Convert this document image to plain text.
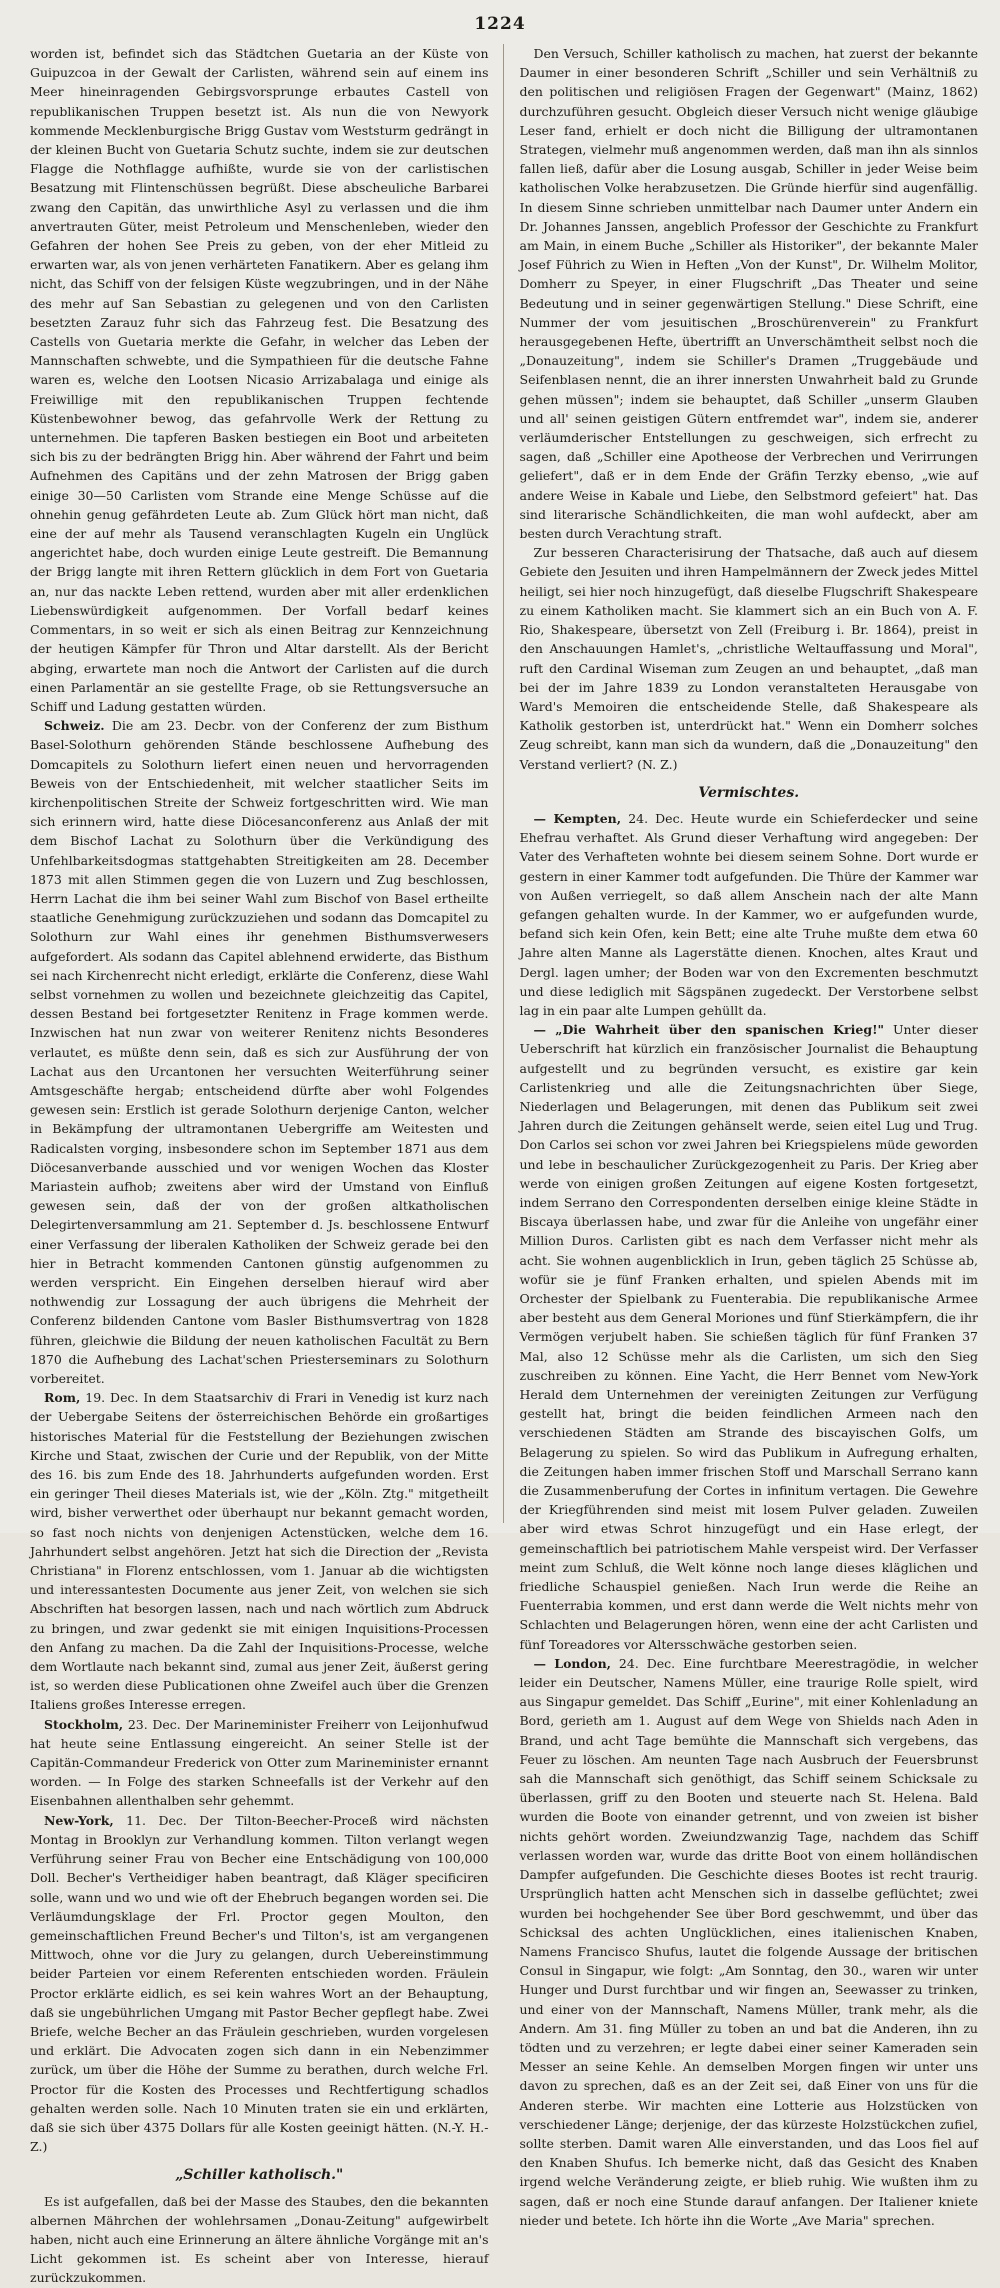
1224

worden ist, befindet sich das Städtchen Guetaria an der Küste von Guipuzcoa in der Gewalt der Carlisten, während sein auf einem ins Meer hineinragenden Gebirgsvorsprunge erbautes Castell von republikanischen Truppen besetzt ist. Als nun die von Newyork kommende Mecklenburgische Brigg Gustav vom Weststurm gedrängt in der kleinen Bucht von Guetaria Schutz suchte, indem sie zur deutschen Flagge die Nothflagge aufhißte, wurde sie von der carlistischen Besatzung mit Flintenschüssen begrüßt. Diese abscheuliche Barbarei zwang den Capitän, das unwirthliche Asyl zu verlassen und die ihm anvertrauten Güter, meist Petroleum und Menschenleben, wieder den Gefahren der hohen See Preis zu geben, von der eher Mitleid zu erwarten war, als von jenen verhärteten Fanatikern. Aber es gelang ihm nicht, das Schiff von der felsigen Küste wegzubringen, und in der Nähe des mehr auf San Sebastian zu gelegenen und von den Carlisten besetzten Zarauz fuhr sich das Fahrzeug fest. Die Besatzung des Castells von Guetaria merkte die Gefahr, in welcher das Leben der Mannschaften schwebte, und die Sympathieen für die deutsche Fahne waren es, welche den Lootsen Nicasio Arrizabalaga und einige als Freiwillige mit den republikanischen Truppen fechtende Küstenbewohner bewog, das gefahrvolle Werk der Rettung zu unternehmen. Die tapferen Basken bestiegen ein Boot und arbeiteten sich bis zu der bedrängten Brigg hin. Aber während der Fahrt und beim Aufnehmen des Capitäns und der zehn Matrosen der Brigg gaben einige 30—50 Carlisten vom Strande eine Menge Schüsse auf die ohnehin genug gefährdeten Leute ab. Zum Glück hört man nicht, daß eine der auf mehr als Tausend veranschlagten Kugeln ein Unglück angerichtet habe, doch wurden einige Leute gestreift. Die Bemannung der Brigg langte mit ihren Rettern glücklich in dem Fort von Guetaria an, nur das nackte Leben rettend, wurden aber mit aller erdenklichen Liebenswürdigkeit aufgenommen. Der Vorfall bedarf keines Commentars, in so weit er sich als einen Beitrag zur Kennzeichnung der heutigen Kämpfer für Thron und Altar darstellt. Als der Bericht abging, erwartete man noch die Antwort der Carlisten auf die durch einen Parlamentär an sie gestellte Frage, ob sie Rettungsversuche an Schiff und Ladung gestatten würden.

Schweiz. Die am 23. Decbr. von der Conferenz der zum Bisthum Basel-Solothurn gehörenden Stände beschlossene Aufhebung des Domcapitels zu Solothurn liefert einen neuen und hervorragenden Beweis von der Entschiedenheit, mit welcher staatlicher Seits im kirchenpolitischen Streite der Schweiz fortgeschritten wird. Wie man sich erinnern wird, hatte diese Diöcesanconferenz aus Anlaß der mit dem Bischof Lachat zu Solothurn über die Verkündigung des Unfehlbarkeitsdogmas stattgehabten Streitigkeiten am 28. December 1873 mit allen Stimmen gegen die von Luzern und Zug beschlossen, Herrn Lachat die ihm bei seiner Wahl zum Bischof von Basel ertheilte staatliche Genehmigung zurückzuziehen und sodann das Domcapitel zu Solothurn zur Wahl eines ihr genehmen Bisthumsverwesers aufgefordert. Als sodann das Capitel ablehnend erwiderte, das Bisthum sei nach Kirchenrecht nicht erledigt, erklärte die Conferenz, diese Wahl selbst vornehmen zu wollen und bezeichnete gleichzeitig das Capitel, dessen Bestand bei fortgesetzter Renitenz in Frage kommen werde. Inzwischen hat nun zwar von weiterer Renitenz nichts Besonderes verlautet, es müßte denn sein, daß es sich zur Ausführung der von Lachat aus den Urcantonen her versuchten Weiterführung seiner Amtsgeschäfte hergab; entscheidend dürfte aber wohl Folgendes gewesen sein: Erstlich ist gerade Solothurn derjenige Canton, welcher in Bekämpfung der ultramontanen Uebergriffe am Weitesten und Radicalsten vorging, insbesondere schon im September 1871 aus dem Diöcesanverbande ausschied und vor wenigen Wochen das Kloster Mariastein aufhob; zweitens aber wird der Umstand von Einfluß gewesen sein, daß der von der großen altkatholischen Delegirtenversammlung am 21. September d. Js. beschlossene Entwurf einer Verfassung der liberalen Katholiken der Schweiz gerade bei den hier in Betracht kommenden Cantonen günstig aufgenommen zu werden verspricht. Ein Eingehen derselben hierauf wird aber nothwendig zur Lossagung der auch übrigens die Mehrheit der Conferenz bildenden Cantone vom Basler Bisthumsvertrag von 1828 führen, gleichwie die Bildung der neuen katholischen Facultät zu Bern 1870 die Aufhebung des Lachat'schen Priesterseminars zu Solothurn vorbereitet.

Rom, 19. Dec. In dem Staatsarchiv di Frari in Venedig ist kurz nach der Uebergabe Seitens der österreichischen Behörde ein großartiges historisches Material für die Feststellung der Beziehungen zwischen Kirche und Staat, zwischen der Curie und der Republik, von der Mitte des 16. bis zum Ende des 18. Jahrhunderts aufgefunden worden. Erst ein geringer Theil dieses Materials ist, wie der „Köln. Ztg." mitgetheilt wird, bisher verwerthet oder überhaupt nur bekannt gemacht worden, so fast noch nichts von denjenigen Actenstücken, welche dem 16. Jahrhundert selbst angehören. Jetzt hat sich die Direction der „Revista Christiana" in Florenz entschlossen, vom 1. Januar ab die wichtigsten und interessantesten Documente aus jener Zeit, von welchen sie sich Abschriften hat besorgen lassen, nach und nach wörtlich zum Abdruck zu bringen, und zwar gedenkt sie mit einigen Inquisitions-Processen den Anfang zu machen. Da die Zahl der Inquisitions-Processe, welche dem Wortlaute nach bekannt sind, zumal aus jener Zeit, äußerst gering ist, so werden diese Publicationen ohne Zweifel auch über die Grenzen Italiens großes Interesse erregen.

Stockholm, 23. Dec. Der Marineminister Freiherr von Leijonhufwud hat heute seine Entlassung eingereicht. An seiner Stelle ist der Capitän-Commandeur Frederick von Otter zum Marineminister ernannt worden. — In Folge des starken Schneefalls ist der Verkehr auf den Eisenbahnen allenthalben sehr gehemmt.

New-York, 11. Dec. Der Tilton-Beecher-Proceß wird nächsten Montag in Brooklyn zur Verhandlung kommen. Tilton verlangt wegen Verführung seiner Frau von Becher eine Entschädigung von 100,000 Doll. Becher's Vertheidiger haben beantragt, daß Kläger specificiren solle, wann und wo und wie oft der Ehebruch begangen worden sei. Die Verläumdungsklage der Frl. Proctor gegen Moulton, den gemeinschaftlichen Freund Becher's und Tilton's, ist am vergangenen Mittwoch, ohne vor die Jury zu gelangen, durch Uebereinstimmung beider Parteien vor einem Referenten entschieden worden. Fräulein Proctor erklärte eidlich, es sei kein wahres Wort an der Behauptung, daß sie ungebührlichen Umgang mit Pastor Becher gepflegt habe. Zwei Briefe, welche Becher an das Fräulein geschrieben, wurden vorgelesen und erklärt. Die Advocaten zogen sich dann in ein Nebenzimmer zurück, um über die Höhe der Summe zu berathen, durch welche Frl. Proctor für die Kosten des Processes und Rechtfertigung schadlos gehalten werden solle. Nach 10 Minuten traten sie ein und erklärten, daß sie sich über 4375 Dollars für alle Kosten geeinigt hätten. (N.-Y. H.-Z.)

„Schiller katholisch."

Es ist aufgefallen, daß bei der Masse des Staubes, den die bekannten albernen Mährchen der wohlehrsamen „Donau-Zeitung" aufgewirbelt haben, nicht auch eine Erinnerung an ältere ähnliche Vorgänge mit an's Licht gekommen ist. Es scheint aber von Interesse, hierauf zurückzukommen.

Den Versuch, Schiller katholisch zu machen, hat zuerst der bekannte Daumer in einer besonderen Schrift „Schiller und sein Verhältniß zu den politischen und religiösen Fragen der Gegenwart" (Mainz, 1862) durchzuführen gesucht. Obgleich dieser Versuch nicht wenige gläubige Leser fand, erhielt er doch nicht die Billigung der ultramontanen Strategen, vielmehr muß angenommen werden, daß man ihn als sinnlos fallen ließ, dafür aber die Losung ausgab, Schiller in jeder Weise beim katholischen Volke herabzusetzen. Die Gründe hierfür sind augenfällig. In diesem Sinne schrieben unmittelbar nach Daumer unter Andern ein Dr. Johannes Janssen, angeblich Professor der Geschichte zu Frankfurt am Main, in einem Buche „Schiller als Historiker", der bekannte Maler Josef Führich zu Wien in Heften „Von der Kunst", Dr. Wilhelm Molitor, Domherr zu Speyer, in einer Flugschrift „Das Theater und seine Bedeutung und in seiner gegenwärtigen Stellung." Diese Schrift, eine Nummer der vom jesuitischen „Broschürenverein" zu Frankfurt herausgegebenen Hefte, übertrifft an Unverschämtheit selbst noch die „Donauzeitung", indem sie Schiller's Dramen „Truggebäude und Seifenblasen nennt, die an ihrer innersten Unwahrheit bald zu Grunde gehen müssen"; indem sie behauptet, daß Schiller „unserm Glauben und all' seinen geistigen Gütern entfremdet war", indem sie, anderer verläumderischer Entstellungen zu geschweigen, sich erfrecht zu sagen, daß „Schiller eine Apotheose der Verbrechen und Verirrungen geliefert", daß er in dem Ende der Gräfin Terzky ebenso, „wie auf andere Weise in Kabale und Liebe, den Selbstmord gefeiert" hat. Das sind literarische Schändlichkeiten, die man wohl aufdeckt, aber am besten durch Verachtung straft.

Zur besseren Characterisirung der Thatsache, daß auch auf diesem Gebiete den Jesuiten und ihren Hampelmännern der Zweck jedes Mittel heiligt, sei hier noch hinzugefügt, daß dieselbe Flugschrift Shakespeare zu einem Katholiken macht. Sie klammert sich an ein Buch von A. F. Rio, Shakespeare, übersetzt von Zell (Freiburg i. Br. 1864), preist in den Anschauungen Hamlet's, „christliche Weltauffassung und Moral", ruft den Cardinal Wiseman zum Zeugen an und behauptet, „daß man bei der im Jahre 1839 zu London veranstalteten Herausgabe von Ward's Memoiren die entscheidende Stelle, daß Shakespeare als Katholik gestorben ist, unterdrückt hat." Wenn ein Domherr solches Zeug schreibt, kann man sich da wundern, daß die „Donauzeitung" den Verstand verliert? (N. Z.)

Vermischtes.

— Kempten, 24. Dec. Heute wurde ein Schieferdecker und seine Ehefrau verhaftet. Als Grund dieser Verhaftung wird angegeben: Der Vater des Verhafteten wohnte bei diesem seinem Sohne. Dort wurde er gestern in einer Kammer todt aufgefunden. Die Thüre der Kammer war von Außen verriegelt, so daß allem Anschein nach der alte Mann gefangen gehalten wurde. In der Kammer, wo er aufgefunden wurde, befand sich kein Ofen, kein Bett; eine alte Truhe mußte dem etwa 60 Jahre alten Manne als Lagerstätte dienen. Knochen, altes Kraut und Dergl. lagen umher; der Boden war von den Excrementen beschmutzt und diese lediglich mit Sägspänen zugedeckt. Der Verstorbene selbst lag in ein paar alte Lumpen gehüllt da.

— „Die Wahrheit über den spanischen Krieg!" Unter dieser Ueberschrift hat kürzlich ein französischer Journalist die Behauptung aufgestellt und zu begründen versucht, es existire gar kein Carlistenkrieg und alle die Zeitungsnachrichten über Siege, Niederlagen und Belagerungen, mit denen das Publikum seit zwei Jahren durch die Zeitungen gehänselt werde, seien eitel Lug und Trug. Don Carlos sei schon vor zwei Jahren bei Kriegspielens müde geworden und lebe in beschaulicher Zurückgezogenheit zu Paris. Der Krieg aber werde von einigen großen Zeitungen auf eigene Kosten fortgesetzt, indem Serrano den Correspondenten derselben einige kleine Städte in Biscaya überlassen habe, und zwar für die Anleihe von ungefähr einer Million Duros. Carlisten gibt es nach dem Verfasser nicht mehr als acht. Sie wohnen augenblicklich in Irun, geben täglich 25 Schüsse ab, wofür sie je fünf Franken erhalten, und spielen Abends mit im Orchester der Spielbank zu Fuenterabia. Die republikanische Armee aber besteht aus dem General Moriones und fünf Stierkämpfern, die ihr Vermögen verjubelt haben. Sie schießen täglich für fünf Franken 37 Mal, also 12 Schüsse mehr als die Carlisten, um sich den Sieg zuschreiben zu können. Eine Yacht, die Herr Bennet vom New-York Herald dem Unternehmen der vereinigten Zeitungen zur Verfügung gestellt hat, bringt die beiden feindlichen Armeen nach den verschiedenen Städten am Strande des biscayischen Golfs, um Belagerung zu spielen. So wird das Publikum in Aufregung erhalten, die Zeitungen haben immer frischen Stoff und Marschall Serrano kann die Zusammenberufung der Cortes in infinitum vertagen. Die Gewehre der Kriegführenden sind meist mit losem Pulver geladen. Zuweilen aber wird etwas Schrot hinzugefügt und ein Hase erlegt, der gemeinschaftlich bei patriotischem Mahle verspeist wird. Der Verfasser meint zum Schluß, die Welt könne noch lange dieses kläglichen und friedliche Schauspiel genießen. Nach Irun werde die Reihe an Fuenterrabia kommen, und erst dann werde die Welt nichts mehr von Schlachten und Belagerungen hören, wenn eine der acht Carlisten und fünf Toreadores vor Altersschwäche gestorben seien.

— London, 24. Dec. Eine furchtbare Meerestragödie, in welcher leider ein Deutscher, Namens Müller, eine traurige Rolle spielt, wird aus Singapur gemeldet. Das Schiff „Eurine", mit einer Kohlenladung an Bord, gerieth am 1. August auf dem Wege von Shields nach Aden in Brand, und acht Tage bemühte die Mannschaft sich vergebens, das Feuer zu löschen. Am neunten Tage nach Ausbruch der Feuersbrunst sah die Mannschaft sich genöthigt, das Schiff seinem Schicksale zu überlassen, griff zu den Booten und steuerte nach St. Helena. Bald wurden die Boote von einander getrennt, und von zweien ist bisher nichts gehört worden. Zweiundzwanzig Tage, nachdem das Schiff verlassen worden war, wurde das dritte Boot von einem holländischen Dampfer aufgefunden. Die Geschichte dieses Bootes ist recht traurig. Ursprünglich hatten acht Menschen sich in dasselbe geflüchtet; zwei wurden bei hochgehender See über Bord geschwemmt, und über das Schicksal des achten Unglücklichen, eines italienischen Knaben, Namens Francisco Shufus, lautet die folgende Aussage der britischen Consul in Singapur, wie folgt: „Am Sonntag, den 30., waren wir unter Hunger und Durst furchtbar und wir fingen an, Seewasser zu trinken, und einer von der Mannschaft, Namens Müller, trank mehr, als die Andern. Am 31. fing Müller zu toben an und bat die Anderen, ihn zu tödten und zu verzehren; er legte dabei einer seiner Kameraden sein Messer an seine Kehle. An demselben Morgen fingen wir unter uns davon zu sprechen, daß es an der Zeit sei, daß Einer von uns für die Anderen sterbe. Wir machten eine Lotterie aus Holzstücken von verschiedener Länge; derjenige, der das kürzeste Holzstückchen zufiel, sollte sterben. Damit waren Alle einverstanden, und das Loos fiel auf den Knaben Shufus. Ich bemerke nicht, daß das Gesicht des Knaben irgend welche Veränderung zeigte, er blieb ruhig. Wie wußten ihm zu sagen, daß er noch eine Stunde darauf anfangen. Der Italiener kniete nieder und betete. Ich hörte ihn die Worte „Ave Maria" sprechen.
